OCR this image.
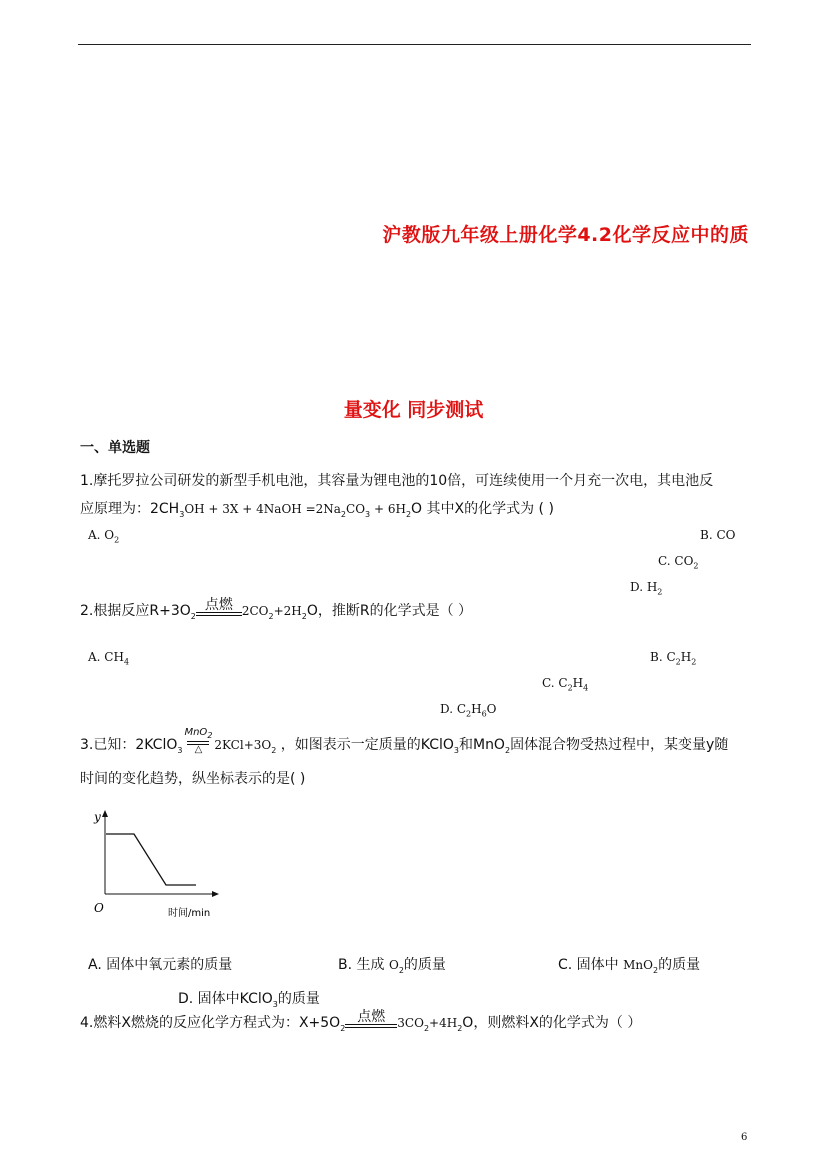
沪教版九年级上册化学4.2化学反应中的质
量变化 同步测试
一、单选题
1.摩托罗拉公司研发的新型手机电池，其容量为锂电池的10倍，可连续使用一个月充一次电，其电池反
应原理为：$2CH_3OH + 3X$ + 4NaOH $=2Na_2CO_3 + 6H_2O$ 其中X的化学式为 ( )
A. $O_2$	B. CO
C. $CO_2$
D. $H_2$
2.根据反应$R+3O_2$
点燃 $2CO_2+2H_2O$，推断R的化学式是（ ）
A. $CH_4$	B. $C_2H_2$
C. $C_2H_4$
D. $C_2H_6O$
3.已知：2KClO$_3$ $\frac{MnO_2}{\triangle} 2KCl+3O_2$ ，如图表示一定质量的KClO$_3$和MnO$_2$固体混合物受热过程中，某变量y随
时间的变化趋势，纵坐标表示的是( )
y
O	时间/min
A. 固体中氧元素的质量	B. 生成 $O_2$的质量	C. 固体中 MnO$_2$的质量
D. 固体中KClO$_3$的质量
4.燃料X燃烧的反应化学方程式为：$X+5O_2$
点燃	$3CO_2+4H_2O$，则燃料X的化学式为（ ）
6
